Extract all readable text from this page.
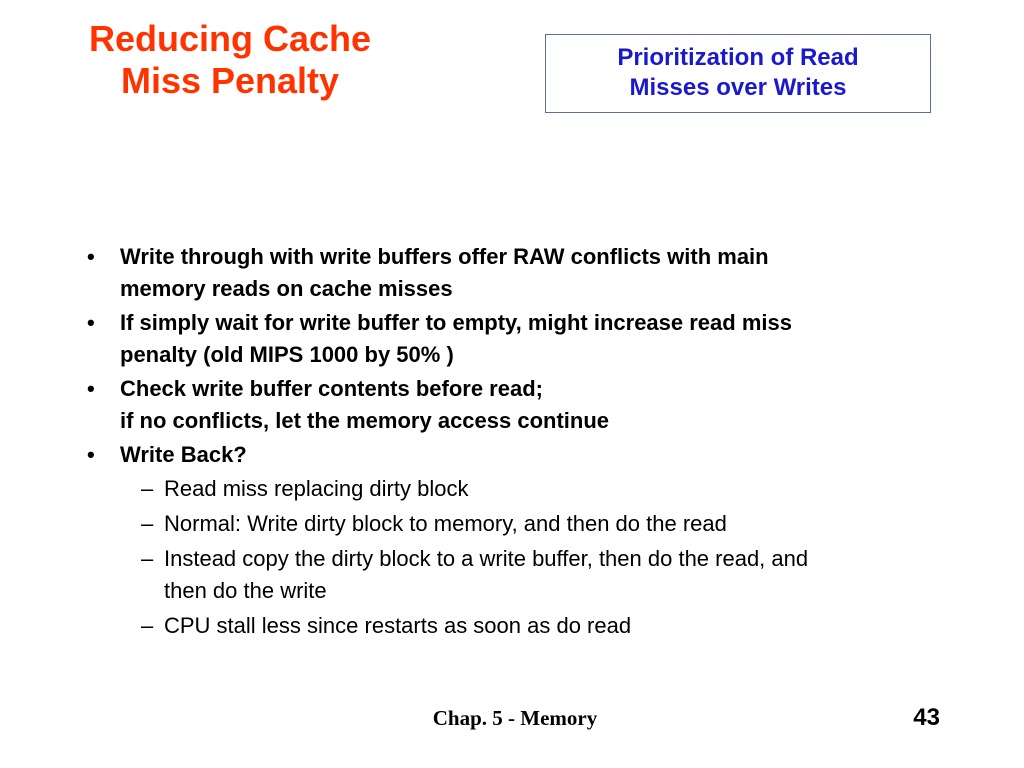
Reducing Cache
Miss Penalty
Prioritization of Read
Misses over Writes
• Write through with write buffers offer RAW conflicts with main
memory reads on cache misses
• If simply wait for write buffer to empty, might increase read miss
penalty (old MIPS 1000 by 50% )
• Check write buffer contents before read;
if no conflicts, let the memory access continue
• Write Back?
– Read miss replacing dirty block
– Normal: Write dirty block to memory, and then do the read
– Instead copy the dirty block to a write buffer, then do the read, and
then do the write
– CPU stall less since restarts as soon as do read
Chap. 5 - Memory	43
